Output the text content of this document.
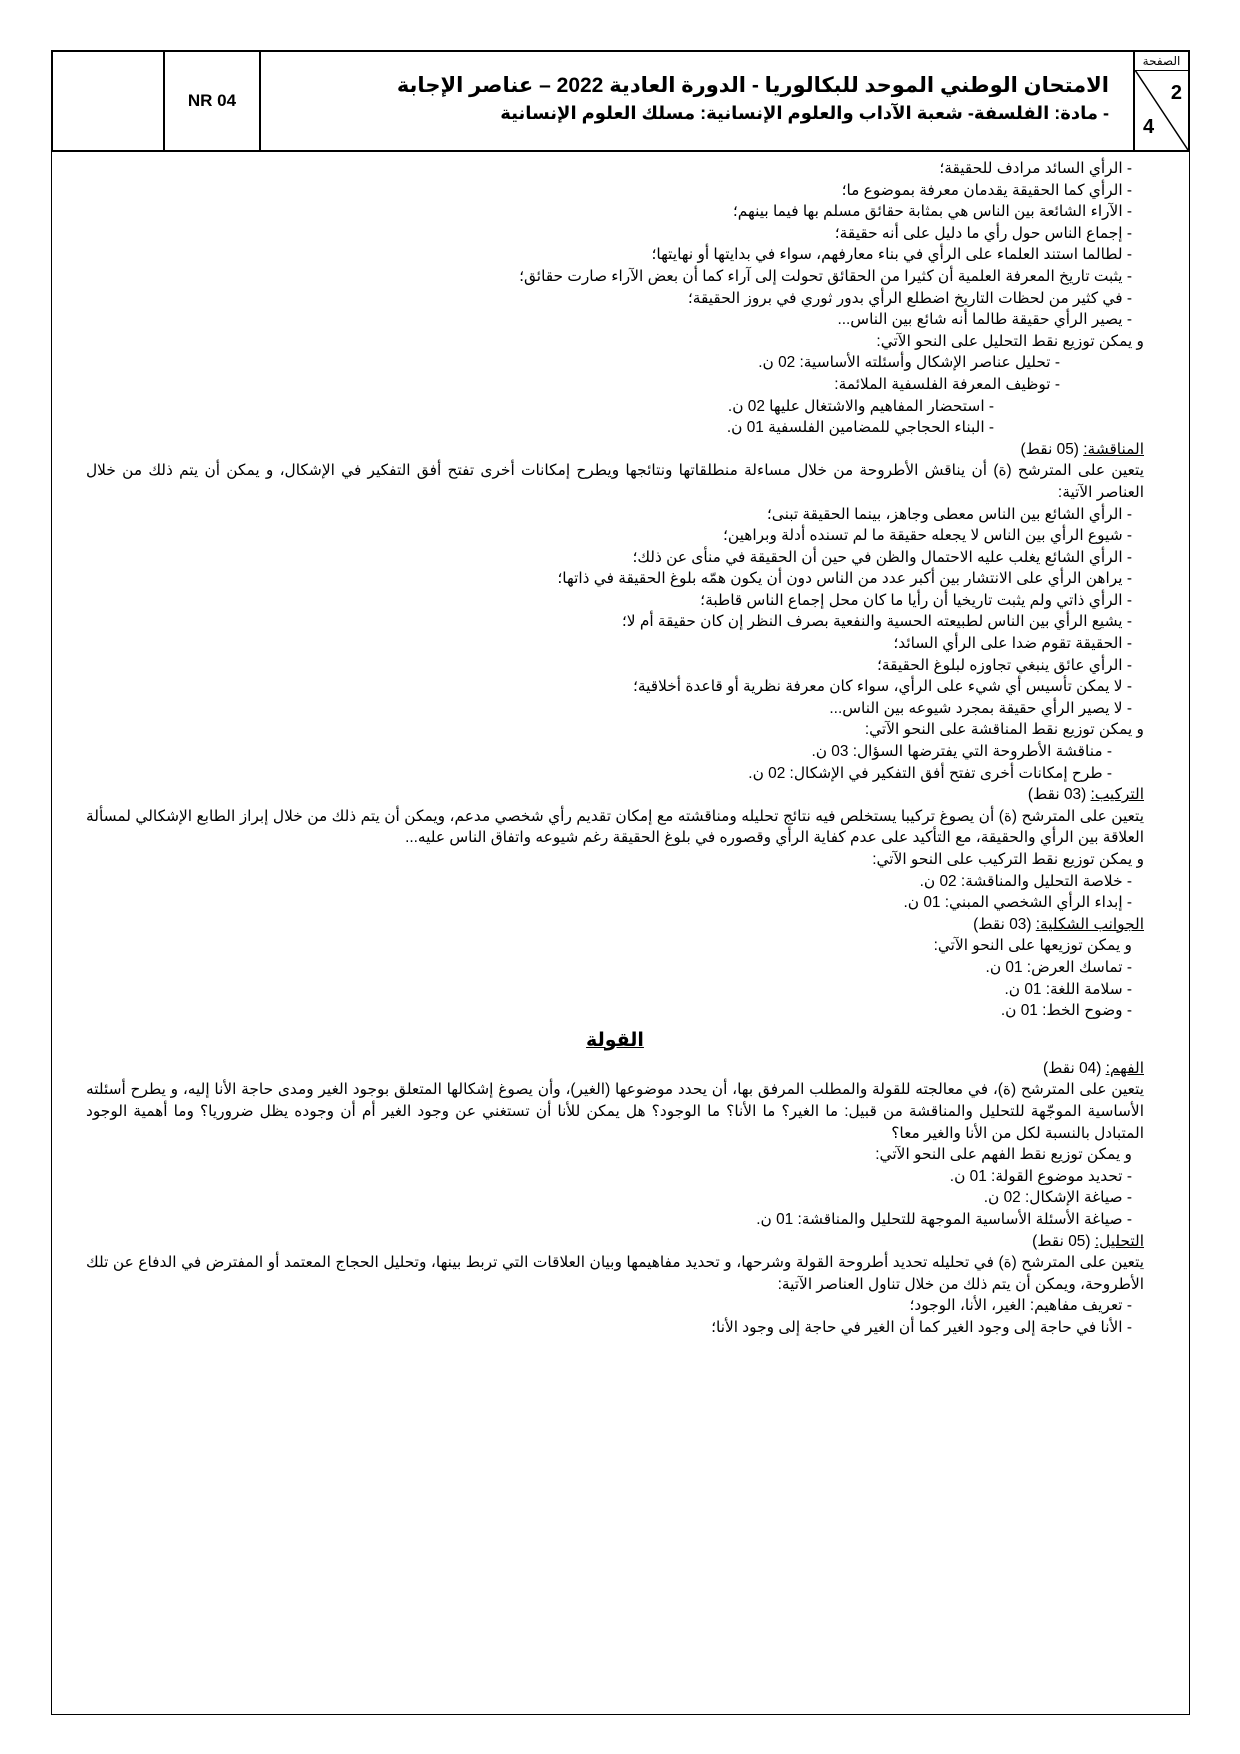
NR 04
الامتحان الوطني الموحد للبكالوريا - الدورة العادية 2022 – عناصر الإجابة
- مادة: الفلسفة- شعبة الآداب والعلوم الإنسانية: مسلك العلوم الإنسانية
الصفحة
2
4
- الرأي السائد مرادف للحقيقة؛
- الرأي كما الحقيقة يقدمان معرفة بموضوع ما؛
- الآراء الشائعة بين الناس هي بمثابة حقائق مسلم بها فيما بينهم؛
- إجماع الناس حول رأي ما دليل على أنه حقيقة؛
- لطالما استند العلماء على الرأي في بناء معارفهم، سواء في بدايتها أو نهايتها؛
- يثبت تاريخ المعرفة العلمية أن كثيرا من الحقائق تحولت إلى آراء كما أن بعض الآراء صارت حقائق؛
- في كثير من لحظات التاريخ اضطلع الرأي بدور ثوري في بروز الحقيقة؛
- يصير الرأي حقيقة طالما أنه شائع بين الناس...
و يمكن توزيع نقط التحليل على النحو الآتي:
- تحليل عناصر الإشكال وأسئلته الأساسية: 02 ن.
- توظيف المعرفة الفلسفية الملائمة:
- استحضار المفاهيم والاشتغال عليها 02 ن.
- البناء الحجاجي للمضامين الفلسفية 01 ن.
المناقشة: (05 نقط)
يتعين على المترشح (ة) أن يناقش الأطروحة من خلال مساءلة منطلقاتها ونتائجها ويطرح إمكانات أخرى تفتح أفق التفكير في الإشكال، و يمكن أن يتم ذلك من خلال العناصر الآتية:
- الرأي الشائع بين الناس معطى وجاهز، بينما الحقيقة تبنى؛
- شيوع الرأي بين الناس لا يجعله حقيقة ما لم تسنده أدلة وبراهين؛
- الرأي الشائع يغلب عليه الاحتمال والظن في حين أن الحقيقة في منأى عن ذلك؛
- يراهن الرأي على الانتشار بين أكبر عدد من الناس دون أن يكون همّه بلوغ الحقيقة في ذاتها؛
- الرأي ذاتي ولم يثبت تاريخيا أن رأيا ما كان محل إجماع الناس قاطبة؛
- يشيع الرأي بين الناس لطبيعته الحسية والنفعية بصرف النظر إن كان حقيقة أم لا؛
- الحقيقة تقوم ضدا على الرأي السائد؛
- الرأي عائق ينبغي تجاوزه لبلوغ الحقيقة؛
- لا يمكن تأسيس أي شيء على الرأي، سواء كان معرفة نظرية أو قاعدة أخلاقية؛
- لا يصير الرأي حقيقة بمجرد شيوعه بين الناس...
و يمكن توزيع نقط المناقشة على النحو الآتي:
- مناقشة الأطروحة التي يفترضها السؤال: 03 ن.
- طرح إمكانات أخرى تفتح أفق التفكير في الإشكال: 02 ن.
التركيب: (03 نقط)
يتعين على المترشح (ة) أن يصوغ تركيبا يستخلص فيه نتائج تحليله ومناقشته مع إمكان تقديم رأي شخصي مدعم، ويمكن أن يتم ذلك من خلال إبراز الطابع الإشكالي لمسألة العلاقة بين الرأي والحقيقة، مع التأكيد على عدم كفاية الرأي وقصوره في بلوغ الحقيقة رغم شيوعه واتفاق الناس عليه...
و يمكن توزيع نقط التركيب على النحو الآتي:
- خلاصة التحليل والمناقشة: 02 ن.
- إبداء الرأي الشخصي المبني: 01 ن.
الجوانب الشكلية: (03 نقط)
و يمكن توزيعها على النحو الآتي:
- تماسك العرض: 01 ن.
- سلامة اللغة: 01 ن.
- وضوح الخط: 01 ن.
القولة
الفهم: (04 نقط)
يتعين على المترشح (ة)، في معالجته للقولة والمطلب المرفق بها، أن يحدد موضوعها (الغير)، وأن يصوغ إشكالها المتعلق بوجود الغير ومدى حاجة الأنا إليه، و يطرح أسئلته الأساسية الموجّهة للتحليل والمناقشة من قبيل: ما الغير؟ ما الأنا؟ ما الوجود؟ هل يمكن للأنا أن تستغني عن وجود الغير أم أن وجوده يظل ضروريا؟ وما أهمية الوجود المتبادل بالنسبة لكل من الأنا والغير معا؟
و يمكن توزيع نقط الفهم على النحو الآتي:
- تحديد موضوع القولة: 01 ن.
- صياغة الإشكال: 02 ن.
- صياغة الأسئلة الأساسية الموجهة للتحليل والمناقشة: 01 ن.
التحليل: (05 نقط)
يتعين على المترشح (ة) في تحليله تحديد أطروحة القولة وشرحها، و تحديد مفاهيمها وبيان العلاقات التي تربط بينها، وتحليل الحجاج المعتمد أو المفترض في الدفاع عن تلك الأطروحة، ويمكن أن يتم ذلك من خلال تناول العناصر الآتية:
- تعريف مفاهيم: الغير، الأنا، الوجود؛
- الأنا في حاجة إلى وجود الغير كما أن الغير في حاجة إلى وجود الأنا؛
